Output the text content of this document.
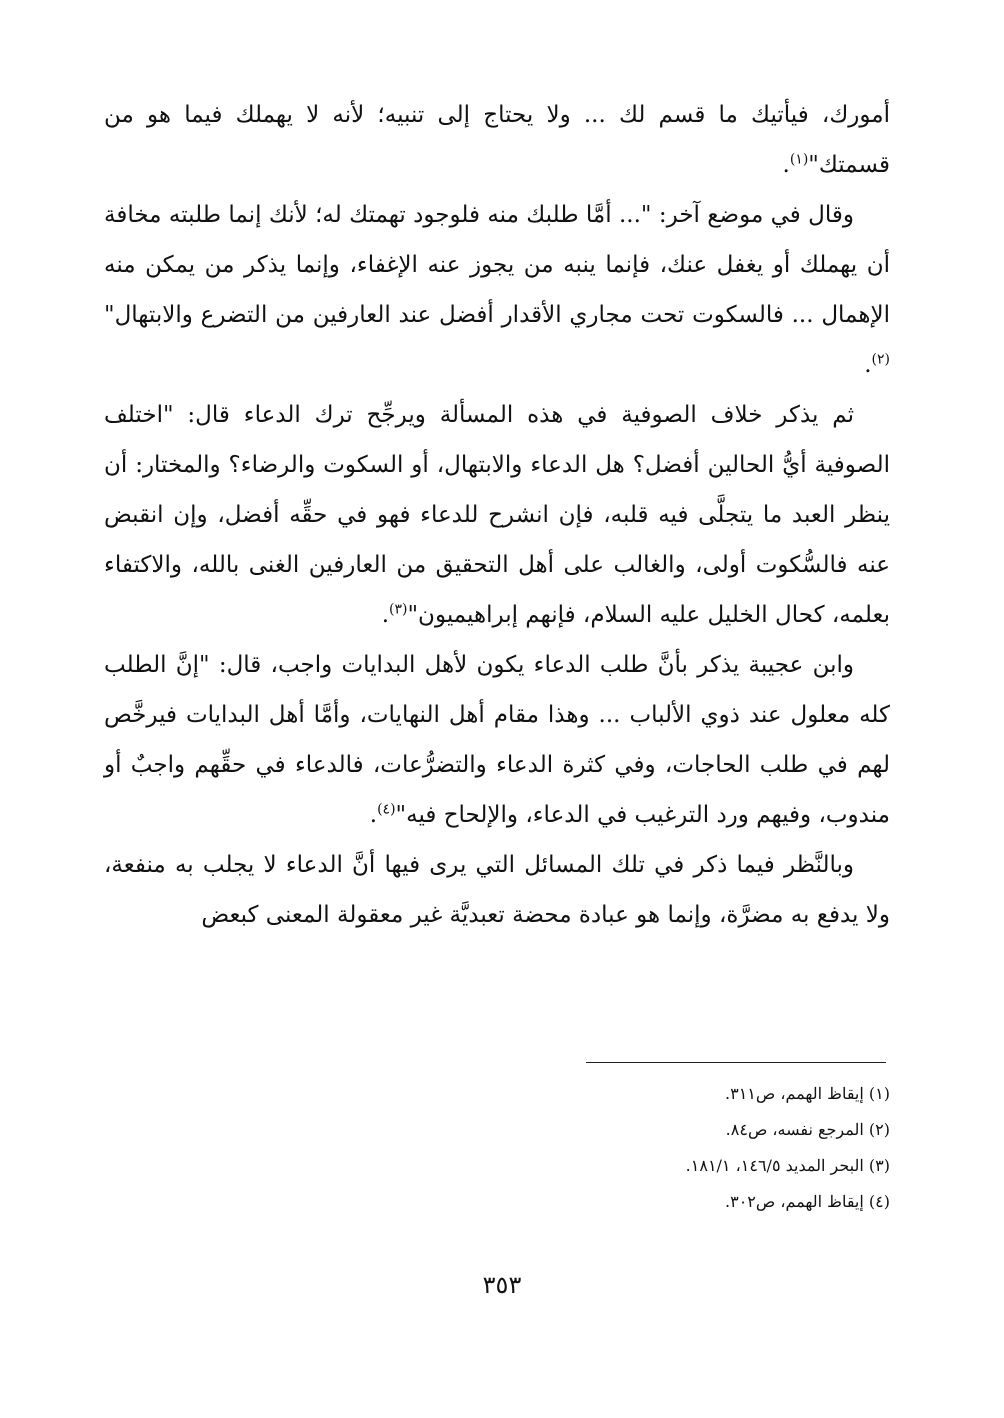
أمورك، فيأتيك ما قسم لك ... ولا يحتاج إلى تنبيه؛ لأنه لا يهملك فيما هو من قسمتك"$^{(١)}$.

وقال في موضع آخر: "... أمَّا طلبك منه فلوجود تهمتك له؛ لأنك إنما طلبته مخافة أن يهملك أو يغفل عنك، فإنما ينبه من يجوز عنه الإغفاء، وإنما يذكر من يمكن منه الإهمال ... فالسكوت تحت مجاري الأقدار أفضل عند العارفين من التضرع والابتهال"$^{(٢)}$.

ثم يذكر خلاف الصوفية في هذه المسألة ويرجِّح ترك الدعاء قال: "اختلف الصوفية أيُّ الحالين أفضل؟ هل الدعاء والابتهال، أو السكوت والرضاء؟ والمختار: أن ينظر العبد ما يتجلَّى فيه قلبه، فإن انشرح للدعاء فهو في حقِّه أفضل، وإن انقبض عنه فالسُّكوت أولى، والغالب على أهل التحقيق من العارفين الغنى بالله، والاكتفاء بعلمه، كحال الخليل عليه السلام، فإنهم إبراهيميون"$^{(٣)}$.

وابن عجيبة يذكر بأنَّ طلب الدعاء يكون لأهل البدايات واجب، قال: "إنَّ الطلب كله معلول عند ذوي الألباب ... وهذا مقام أهل النهايات، وأمَّا أهل البدايات فيرخَّص لهم في طلب الحاجات، وفي كثرة الدعاء والتضرُّعات، فالدعاء في حقِّهم واجبٌ أو مندوب، وفيهم ورد الترغيب في الدعاء، والإلحاح فيه"$^{(٤)}$.

وبالنَّظر فيما ذكر في تلك المسائل التي يرى فيها أنَّ الدعاء لا يجلب به منفعة، ولا يدفع به مضرَّة، وإنما هو عبادة محضة تعبديَّة غير معقولة المعنى كبعض

(١) إيقاظ الهمم، ص٣١١.

(٢) المرجع نفسه، ص٨٤.

(٣) البحر المديد ١٤٦/٥، ١٨١/١.

(٤) إيقاظ الهمم، ص٣٠٢.

٣٥٣
